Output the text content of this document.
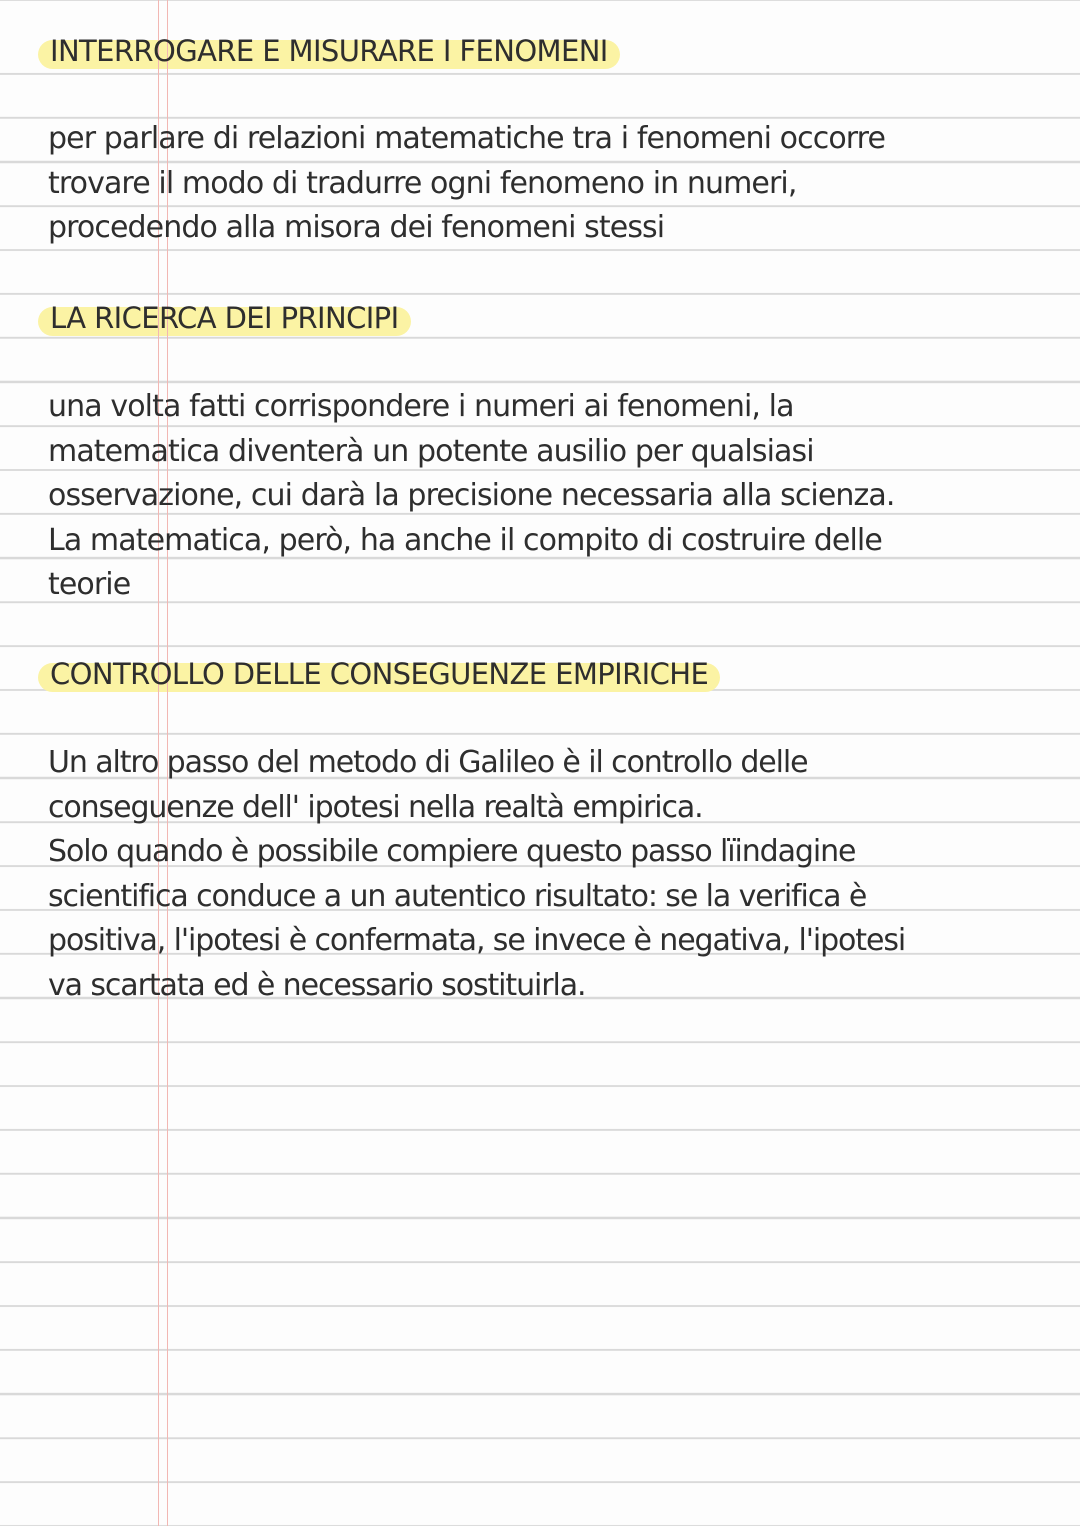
INTERROGARE E MISURARE I FENOMENI

per parlare di relazioni matematiche tra i fenomeni occorre
trovare il modo di tradurre ogni fenomeno in numeri,
procedendo alla misora dei fenomeni stessi

LA RICERCA DEI PRINCIPI

una volta fatti corrispondere i numeri ai fenomeni, la
matematica diventerà un potente ausilio per qualsiasi
osservazione, cui darà la precisione necessaria alla scienza.
La matematica, però, ha anche il compito di costruire delle
teorie

CONTROLLO DELLE CONSEGUENZE EMPIRICHE

Un altro passo del metodo di Galileo è il controllo delle
conseguenze dell' ipotesi nella realtà empirica.
Solo quando è possibile compiere questo passo lïindagine
scientifica conduce a un autentico risultato: se la verifica è
positiva, l'ipotesi è confermata, se invece è negativa, l'ipotesi
va scartata ed è necessario sostituirla.
